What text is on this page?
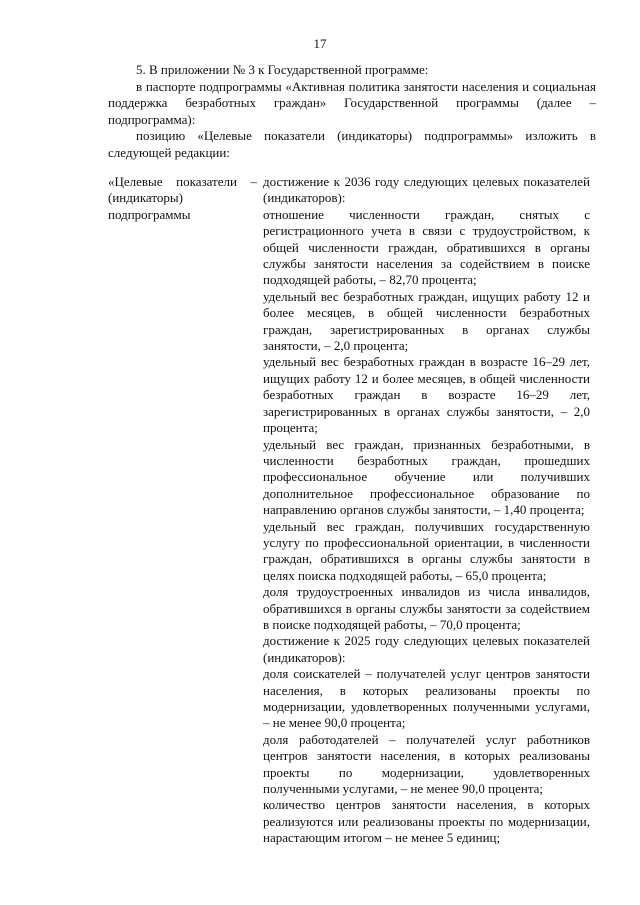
17

5. В приложении № 3 к Государственной программе:

в паспорте подпрограммы «Активная политика занятости населения и социальная поддержка безработных граждан» Государственной программы (далее – подпрограмма):

позицию «Целевые показатели (индикаторы) подпрограммы» изложить в следующей редакции:

«Целевые показатели – (индикаторы) подпрограммы

достижение к 2036 году следующих целевых показателей (индикаторов):

отношение численности граждан, снятых с регистрационного учета в связи с трудоустройством, к общей численности граждан, обратившихся в органы службы занятости населения за содействием в поиске подходящей работы, – 82,70 процента;

удельный вес безработных граждан, ищущих работу 12 и более месяцев, в общей численности безработных граждан, зарегистрированных в органах службы занятости, – 2,0 процента;

удельный вес безработных граждан в возрасте 16–29 лет, ищущих работу 12 и более месяцев, в общей численности безработных граждан в возрасте 16–29 лет, зарегистрированных в органах службы занятости, – 2,0 процента;

удельный вес граждан, признанных безработными, в численности безработных граждан, прошедших профессиональное обучение или получивших дополнительное профессиональное образование по направлению органов службы занятости, – 1,40 процента;

удельный вес граждан, получивших государственную услугу по профессиональной ориентации, в численности граждан, обратившихся в органы службы занятости в целях поиска подходящей работы, – 65,0 процента;

доля трудоустроенных инвалидов из числа инвалидов, обратившихся в органы службы занятости за содействием в поиске подходящей работы, – 70,0 процента;

достижение к 2025 году следующих целевых показателей (индикаторов):

доля соискателей – получателей услуг центров занятости населения, в которых реализованы проекты по модернизации, удовлетворенных полученными услугами, – не менее 90,0 процента;

доля работодателей – получателей услуг работников центров занятости населения, в которых реализованы проекты по модернизации, удовлетворенных полученными услугами, – не менее 90,0 процента;

количество центров занятости населения, в которых реализуются или реализованы проекты по модернизации, нарастающим итогом – не менее 5 единиц;
